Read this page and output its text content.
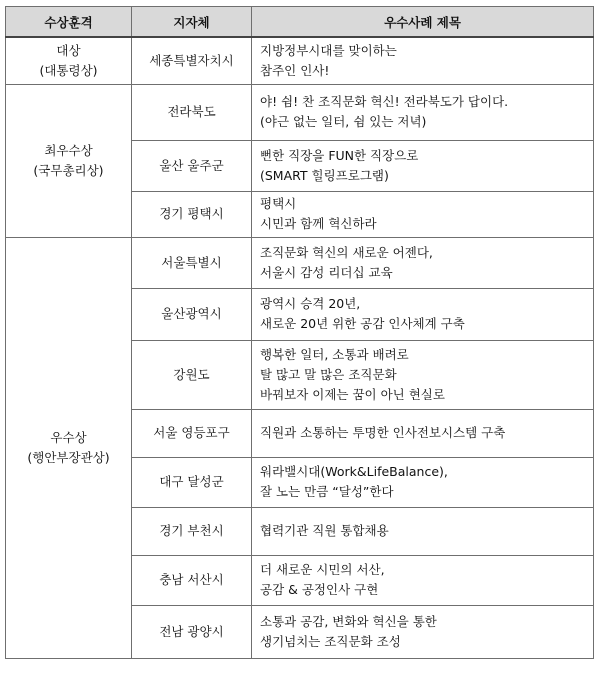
수상훈격	지자체	우수사례 제목

대상
(대통령상)	세종특별자치시	지방정부시대를 맞이하는
참주인 인사!

최우수상
(국무총리상)	전라북도	야! 쉼! 찬 조직문화 혁신! 전라북도가 답이다.
(야근 없는 일터, 쉼 있는 저녁)

	울산 울주군	뻔한 직장을 FUN한 직장으로
(SMART 힐링프로그램)

	경기 평택시	평택시
시민과 함께 혁신하라

우수상
(행안부장관상)	서울특별시	조직문화 혁신의 새로운 어젠다,
서울시 감성 리더십 교육

	울산광역시	광역시 승격 20년,
새로운 20년 위한 공감 인사체계 구축

	강원도	행복한 일터, 소통과 배려로
탈 많고 말 많은 조직문화
바꿔보자 이제는 꿈이 아닌 현실로

	서울 영등포구	직원과 소통하는 투명한 인사전보시스템 구축

	대구 달성군	워라밸시대(Work&LifeBalance),
잘 노는 만큼 “달성”한다

	경기 부천시	협력기관 직원 통합채용

	충남 서산시	더 새로운 시민의 서산,
공감 & 공정인사 구현

	전남 광양시	소통과 공감, 변화와 혁신을 통한
생기넘치는 조직문화 조성
